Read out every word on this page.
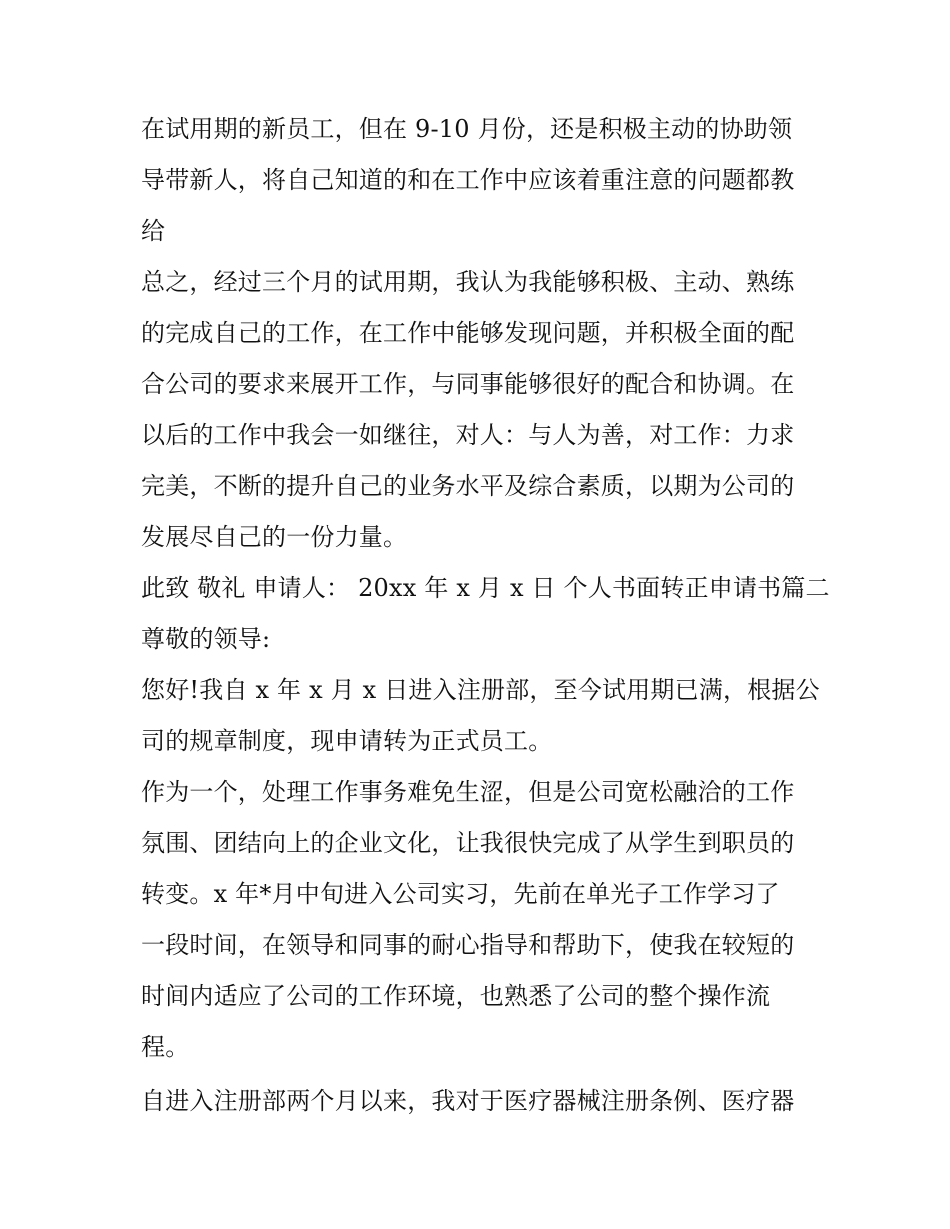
在试用期的新员工，但在 9-10 月份，还是积极主动的协助领
导带新人，将自己知道的和在工作中应该着重注意的问题都教
给

总之，经过三个月的试用期，我认为我能够积极、主动、熟练
的完成自己的工作，在工作中能够发现问题，并积极全面的配
合公司的要求来展开工作，与同事能够很好的配合和协调。在
以后的工作中我会一如继往，对人：与人为善，对工作：力求
完美，不断的提升自己的业务水平及综合素质，以期为公司的
发展尽自己的一份力量。

此致 敬礼 申请人： 20xx 年 x 月 x 日 个人书面转正申请书篇二
尊敬的领导:

您好!我自 x 年 x 月 x 日进入注册部，至今试用期已满，根据公
司的规章制度，现申请转为正式员工。

作为一个，处理工作事务难免生涩，但是公司宽松融洽的工作
氛围、团结向上的企业文化，让我很快完成了从学生到职员的
转变。x 年*月中旬进入公司实习，先前在单光子工作学习了
一段时间，在领导和同事的耐心指导和帮助下，使我在较短的
时间内适应了公司的工作环境，也熟悉了公司的整个操作流
程。

自进入注册部两个月以来，我对于医疗器械注册条例、医疗器
